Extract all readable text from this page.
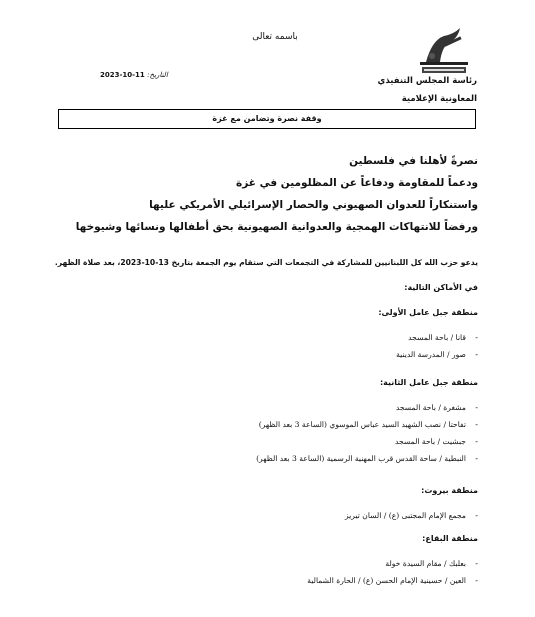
باسمه تعالى
التاريخ: 11-10-2023
رئاسة المجلس التنفيذي
المعاونية الإعلامية
وقفة نصرة وتضامن مع غزة
نصرةً لأهلنا في فلسطين
ودعماً للمقاومة ودفاعاً عن المظلومين في غزة
واستنكاراً للعدوان الصهيوني والحصار الإسرائيلي الأمريكي عليها
ورفضاً للانتهاكات الهمجية والعدوانية الصهيونية بحق أطفالها ونسائها وشيوخها
يدعو حزب الله كل اللبنانيين للمشاركة في التجمعات التي ستقام يوم الجمعة بتاريخ 13-10-2023، بعد صلاة الظهر.
في الأماكن التالية:
منطقة جبل عامل الأولى:
-
قانا / باحة المسجد
-
صور / المدرسة الدينية
منطقة جبل عامل الثانية:
-
مشغرة / باحة المسجد
-
تفاحتا / نصب الشهيد السيد عباس الموسوي (الساعة 3 بعد الظهر)
-
جبشيت / باحة المسجد
-
النبطية / ساحة القدس قرب المهنية الرسمية (الساعة 3 بعد الظهر)
منطقة بيروت:
-
مجمع الإمام المجتبى (ع) / السان تيريز
منطقة البقاع:
-
بعلبك / مقام السيدة خولة
-
العين / حسينية الإمام الحسن (ع) / الحارة الشمالية
